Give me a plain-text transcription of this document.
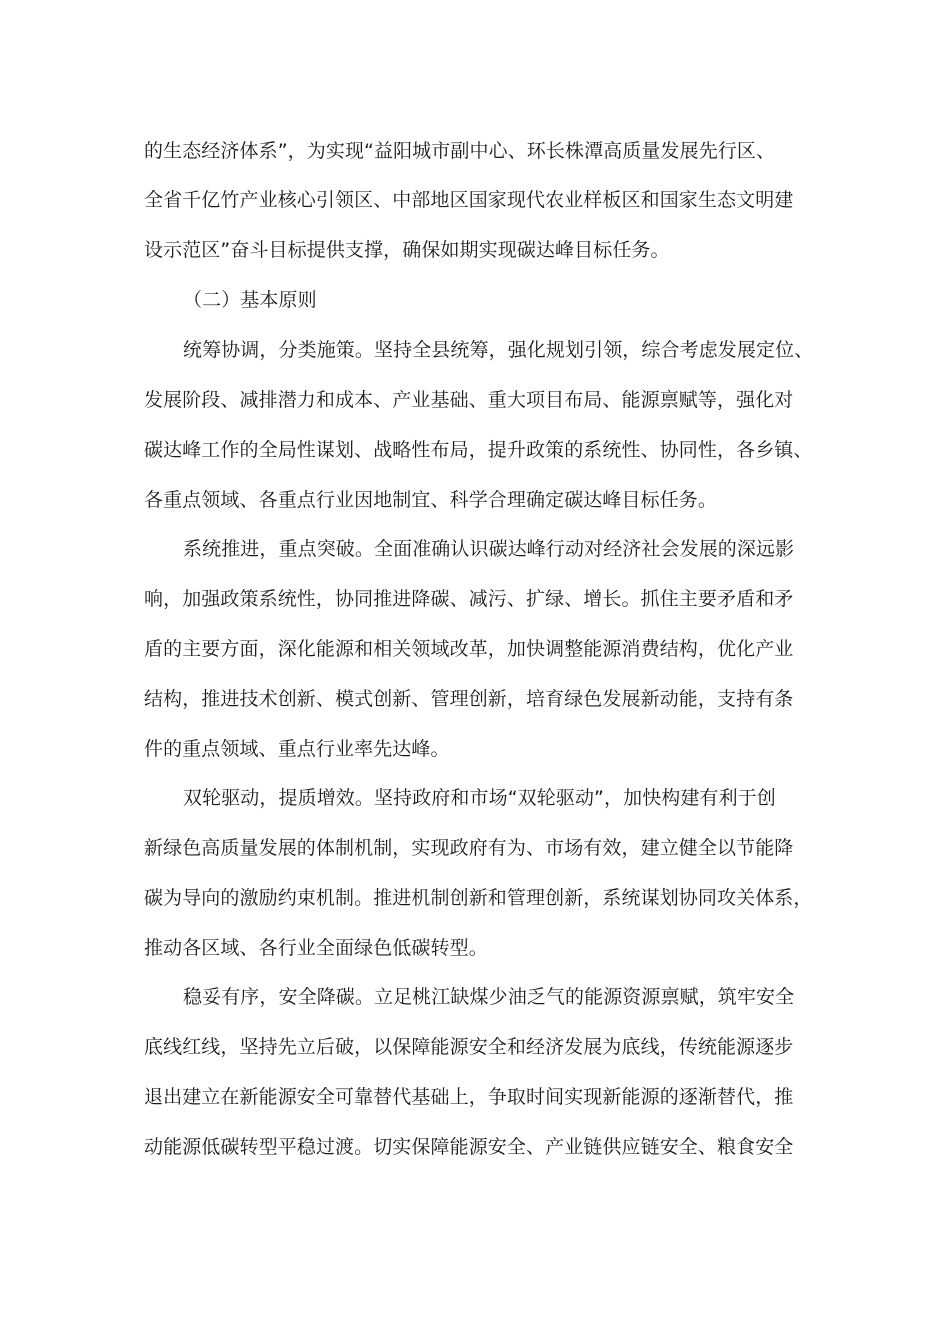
的生态经济体系”，为实现“益阳城市副中心、环长株潭高质量发展先行区、
全省千亿竹产业核心引领区、中部地区国家现代农业样板区和国家生态文明建
设示范区”奋斗目标提供支撑，确保如期实现碳达峰目标任务。
（二）基本原则
统筹协调，分类施策。坚持全县统筹，强化规划引领，综合考虑发展定位、
发展阶段、减排潜力和成本、产业基础、重大项目布局、能源禀赋等，强化对
碳达峰工作的全局性谋划、战略性布局，提升政策的系统性、协同性，各乡镇、
各重点领域、各重点行业因地制宜、科学合理确定碳达峰目标任务。
系统推进，重点突破。全面准确认识碳达峰行动对经济社会发展的深远影
响，加强政策系统性，协同推进降碳、减污、扩绿、增长。抓住主要矛盾和矛
盾的主要方面，深化能源和相关领域改革，加快调整能源消费结构，优化产业
结构，推进技术创新、模式创新、管理创新，培育绿色发展新动能，支持有条
件的重点领域、重点行业率先达峰。
双轮驱动，提质增效。坚持政府和市场“双轮驱动”，加快构建有利于创
新绿色高质量发展的体制机制，实现政府有为、市场有效，建立健全以节能降
碳为导向的激励约束机制。推进机制创新和管理创新，系统谋划协同攻关体系，
推动各区域、各行业全面绿色低碳转型。
稳妥有序，安全降碳。立足桃江缺煤少油乏气的能源资源禀赋，筑牢安全
底线红线，坚持先立后破，以保障能源安全和经济发展为底线，传统能源逐步
退出建立在新能源安全可靠替代基础上，争取时间实现新能源的逐渐替代，推
动能源低碳转型平稳过渡。切实保障能源安全、产业链供应链安全、粮食安全
